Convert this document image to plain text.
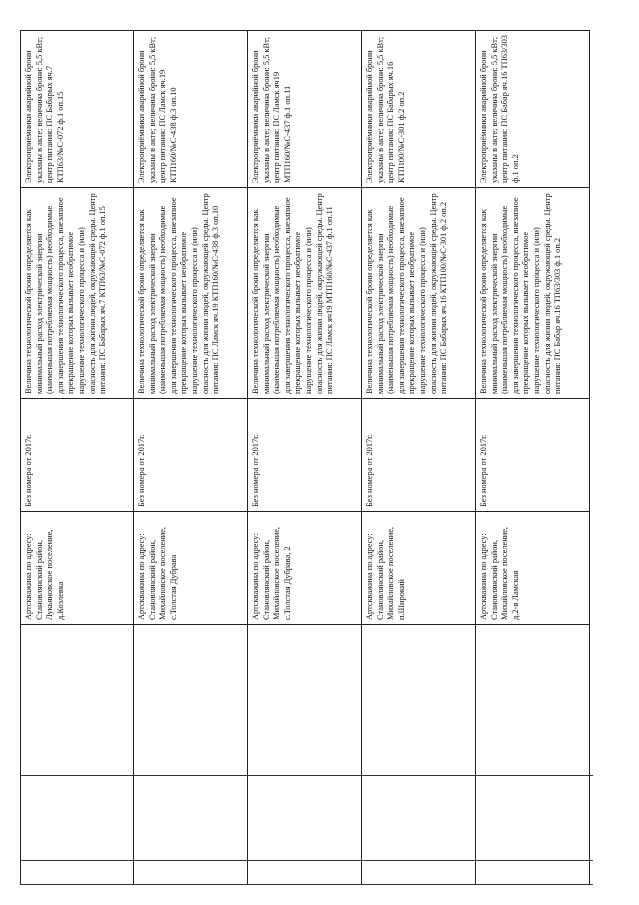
Артскважина по адресу: Становлянский район, Лукьяновское поселение, д.Козлевка
Без номера от 2017г.
Величина технологической брони определяется как минимальный расход электрической энергии (наименьшая потребляемая мощность) необходимые для завершения технологического процесса, внезапное прекращение которых вызывает необратимое нарушение технологического процесса и (или) опасность для жизни людей, окружающей среды. Центр питания: ПС Бабарых яч.7 КТП63/№С-072 ф.1 оп.15
Электроприёмники аварийной брони указаны в акте; величина брони: 5,5 кВт; центр питания: ПС Бабарых яч.7 КТП63/№С-072 ф.1 оп.15
Артскважина по адресу: Становлянский район, Михайловское поселение, с.Толстая Дубрава
Без номера от 2017г.
Величина технологической брони определяется как минимальный расход электрической энергии (наименьшая потребляемая мощность) необходимые для завершения технологического процесса, внезапное прекращение которых вызывает необратимое нарушение технологического процесса и (или) опасность для жизни людей, окружающей среды. Центр питания: ПС Ламск яч.19 КТП160/№С-438 ф.3 оп.10
Электроприёмники аварийной брони указаны в акте; величина брони: 5,5 кВт; центр питания: ПС Ламск яч.19 КТП160/№С-438 ф.3 оп.10
Артскважина по адресу: Становлянский район, Михайловское поселение, с.Толстая Дубрава, 2
Без номера от 2017г.
Величина технологической брони определяется как минимальный расход электрической энергии (наименьшая потребляемая мощность) необходимые для завершения технологического процесса, внезапное прекращение которых вызывает необратимое нарушение технологического процесса и (или) опасность для жизни людей, окружающей среды. Центр питания: ПС Ламск яч19 МТП160/№С-437 ф.1 оп.11
Электроприёмники аварийной брони указаны в акте; величина брони: 5,5 кВт; центр питания: ПС Ламск яч19 МТП160/№С-437 ф.1 оп.11
Артскважина по адресу: Становлянский район, Михайловское поселение, п.Широкий
Без номера от 2017г.
Величина технологической брони определяется как минимальный расход электрической энергии (наименьшая потребляемая мощность) необходимые для завершения технологического процесса, внезапное прекращение которых вызывает необратимое нарушение технологического процесса и (или) опасность для жизни людей, окружающей среды. Центр питания: ПС Бабарых яч.16 КТП100/№С-301 ф.2 оп.2
Электроприёмники аварийной брони указаны в акте; величина брони: 5,5 кВт; центр питания: ПС Бабарых яч.16 КТП100/№С-301 ф.2 оп.2
Артскважина по адресу: Становлянский район, Михайловское поселение, д.2-я Ламская
Без номера от 2017г.
Величина технологической брони определяется как минимальный расход электрической энергии (наименьшая потребляемая мощность) необходимые для завершения технологического процесса, внезапное прекращение которых вызывает необратимое нарушение технологического процесса и (или) опасность для жизни людей, окружающей среды. Центр питания: ПС Бабар яч.16 ТП63/303 ф.1 оп.2
Электроприёмники аварийной брони указаны в акте; величина брони: 5,5 кВт; центр питания: ПС Бабар яч.16 ТП63/303 ф.1 оп.2
